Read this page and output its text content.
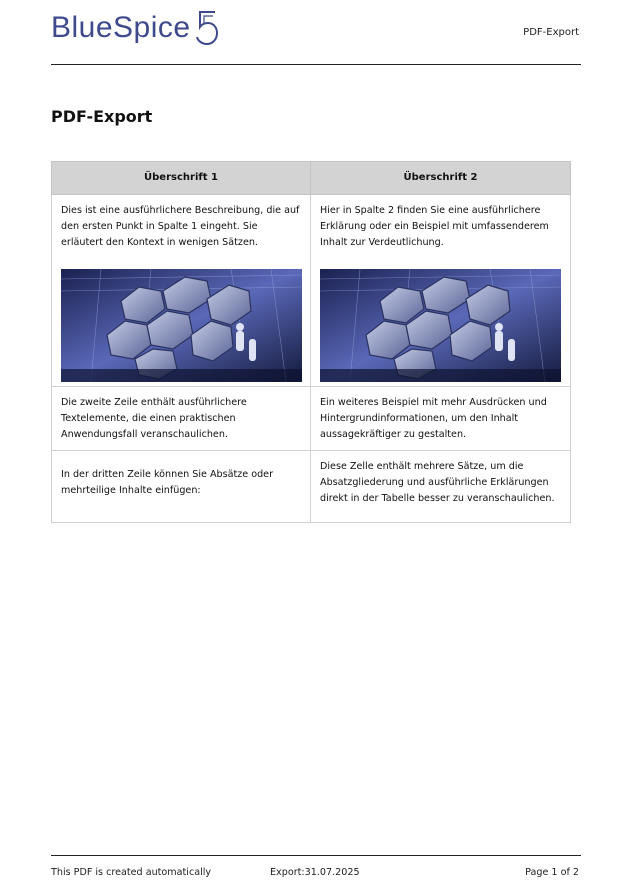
BlueSpice	PDF-Export
PDF-Export
Überschrift 1	Überschrift 2

Dies ist eine ausführlichere Beschreibung, die auf den ersten Punkt in Spalte 1 eingeht. Sie erläutert den Kontext in wenigen Sätzen.	Hier in Spalte 2 finden Sie eine ausführlichere Erklärung oder ein Beispiel mit umfassenderem Inhalt zur Verdeutlichung.

Die zweite Zeile enthält ausführlichere Textelemente, die einen praktischen Anwendungsfall veranschaulichen.	Ein weiteres Beispiel mit mehr Ausdrücken und Hintergrundinformationen, um den Inhalt aussagekräftiger zu gestalten.

In der dritten Zeile können Sie Absätze oder mehrteilige Inhalte einfügen:	Diese Zelle enthält mehrere Sätze, um die Absatzgliederung und ausführliche Erklärungen direkt in der Tabelle besser zu veranschaulichen.

This PDF is created automatically	Export:31.07.2025	Page 1 of 2
